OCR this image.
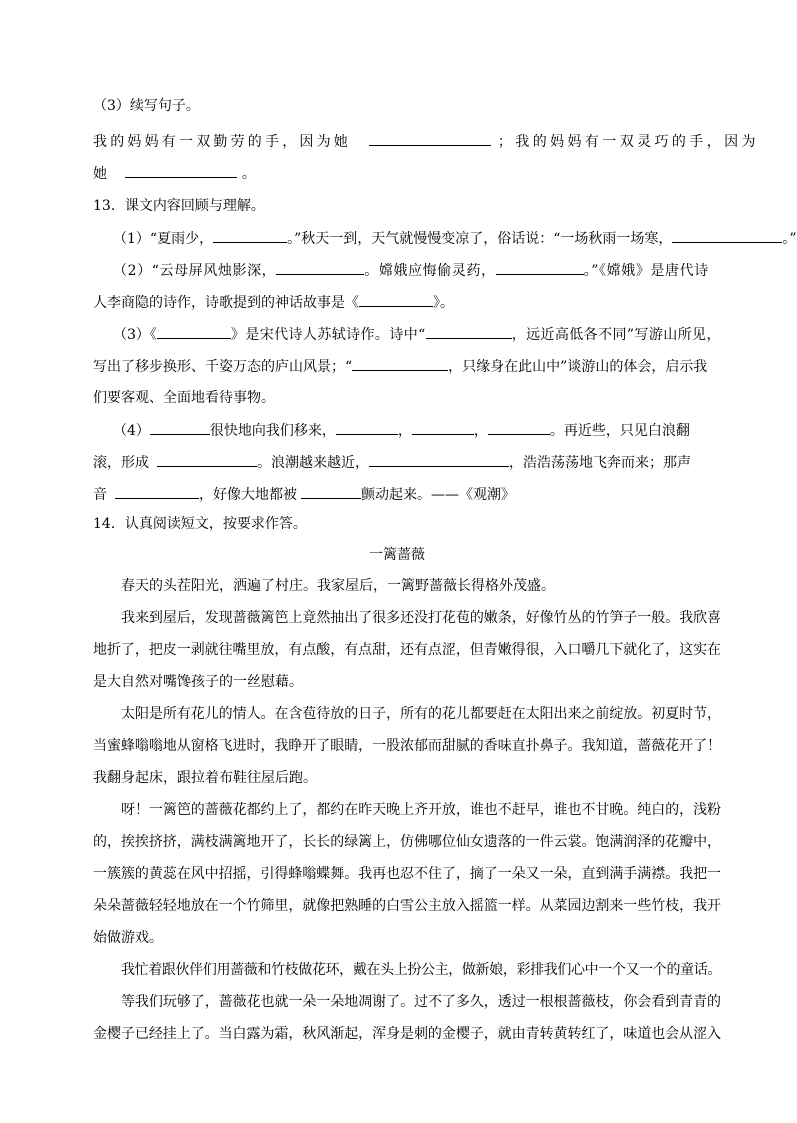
（3）续写句子。
我的妈妈有一双勤劳的手，因为她	；我的妈妈有一双灵巧的手，因为
她	。
13．课文内容回顾与理解。
（1）“夏雨少，	。”秋天一到，天气就慢慢变凉了，俗话说：“一场秋雨一场寒，	。”
（2）“云母屏风烛影深，	。嫦娥应悔偷灵药，	。”《嫦娥》是唐代诗
人李商隐的诗作，诗歌提到的神话故事是《	》。
（3）《	》是宋代诗人苏轼诗作。诗中“	，远近高低各不同”写游山所见，
写出了移步换形、千姿万态的庐山风景；“	，只缘身在此山中”谈游山的体会，启示我
们要客观、全面地看待事物。
（4）	很快地向我们移来，	，	，	。再近些，只见白浪翻
滚，形成	。浪潮越来越近，	，浩浩荡荡地飞奔而来；那声
音	，好像大地都被	颤动起来。——《观潮》
14．认真阅读短文，按要求作答。
一篱蔷薇
春天的头茬阳光，洒遍了村庄。我家屋后，一篱野蔷薇长得格外茂盛。
我来到屋后，发现蔷薇篱笆上竟然抽出了很多还没打花苞的嫩条，好像竹丛的竹笋子一般。我欣喜
地折了，把皮一剥就往嘴里放，有点酸，有点甜，还有点涩，但青嫩得很，入口嚼几下就化了，这实在
是大自然对嘴馋孩子的一丝慰藉。
太阳是所有花儿的情人。在含苞待放的日子，所有的花儿都要赶在太阳出来之前绽放。初夏时节，
当蜜蜂嗡嗡地从窗格飞进时，我睁开了眼睛，一股浓郁而甜腻的香味直扑鼻子。我知道，蔷薇花开了！
我翻身起床，跟拉着布鞋往屋后跑。
呀！一篱笆的蔷薇花都约上了，都约在昨天晚上齐开放，谁也不赶早，谁也不甘晚。纯白的，浅粉
的，挨挨挤挤，满枝满篱地开了，长长的绿篱上，仿佛哪位仙女遗落的一件云裳。饱满润泽的花瓣中，
一簇簇的黄蕊在风中招摇，引得蜂嗡蝶舞。我再也忍不住了，摘了一朵又一朵，直到满手满襟。我把一
朵朵蔷薇轻轻地放在一个竹筛里，就像把熟睡的白雪公主放入摇篮一样。从菜园边割来一些竹枝，我开
始做游戏。
我忙着跟伙伴们用蔷薇和竹枝做花环，戴在头上扮公主，做新娘，彩排我们心中一个又一个的童话。
等我们玩够了，蔷薇花也就一朵一朵地凋谢了。过不了多久，透过一根根蔷薇枝，你会看到青青的
金樱子已经挂上了。当白露为霜，秋风渐起，浑身是刺的金樱子，就由青转黄转红了，味道也会从涩入
